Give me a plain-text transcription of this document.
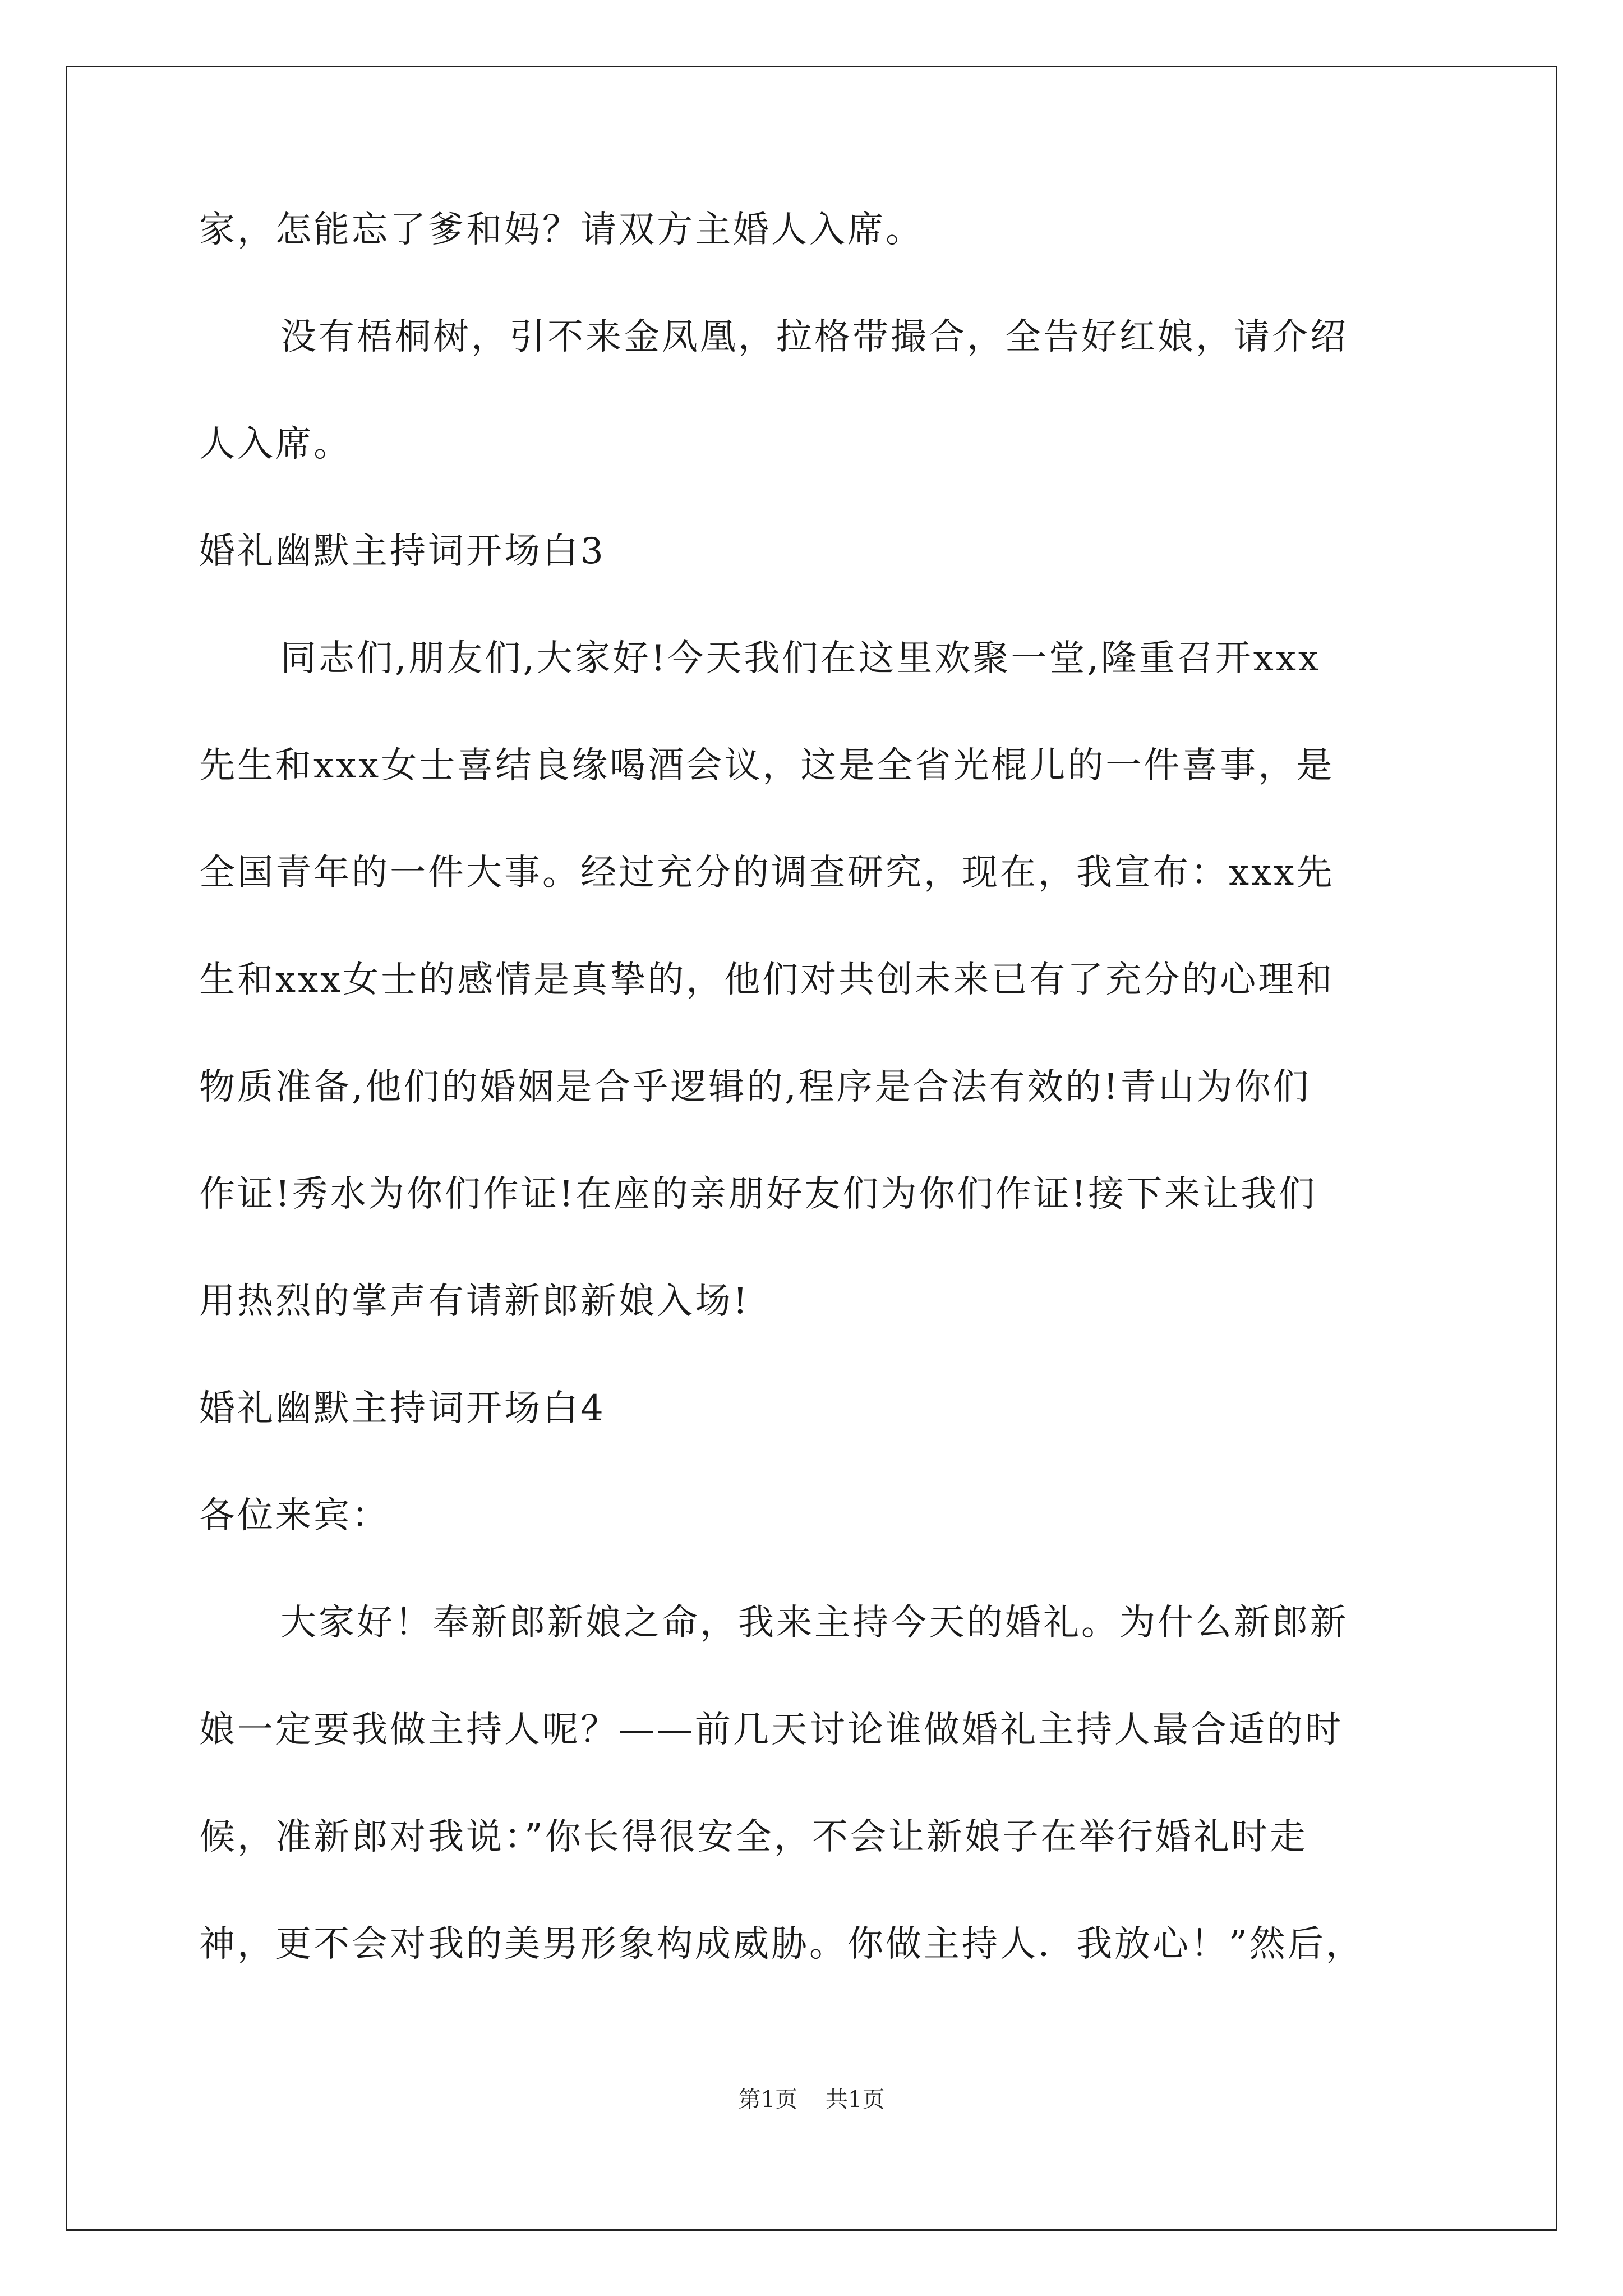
家，怎能忘了爹和妈？请双方主婚人入席。
没有梧桐树，引不来金凤凰，拉格带撮合，全告好红娘，请介绍
人入席。
婚礼幽默主持词开场白3
同志们,朋友们,大家好!今天我们在这里欢聚一堂,隆重召开xxx
先生和xxx女士喜结良缘喝酒会议，这是全省光棍儿的一件喜事，是
全国青年的一件大事。经过充分的调查研究，现在，我宣布：xxx先
生和xxx女士的感情是真挚的，他们对共创未来已有了充分的心理和
物质准备,他们的婚姻是合乎逻辑的,程序是合法有效的!青山为你们
作证!秀水为你们作证!在座的亲朋好友们为你们作证!接下来让我们
用热烈的掌声有请新郎新娘入场!
婚礼幽默主持词开场白4
各位来宾：
大家好！奉新郎新娘之命，我来主持今天的婚礼。为什么新郎新
娘一定要我做主持人呢？——前几天讨论谁做婚礼主持人最合适的时
候，准新郎对我说：”你长得很安全，不会让新娘子在举行婚礼时走
神，更不会对我的美男形象构成威胁。你做主持人．我放心！”然后，
第1页 共1页
